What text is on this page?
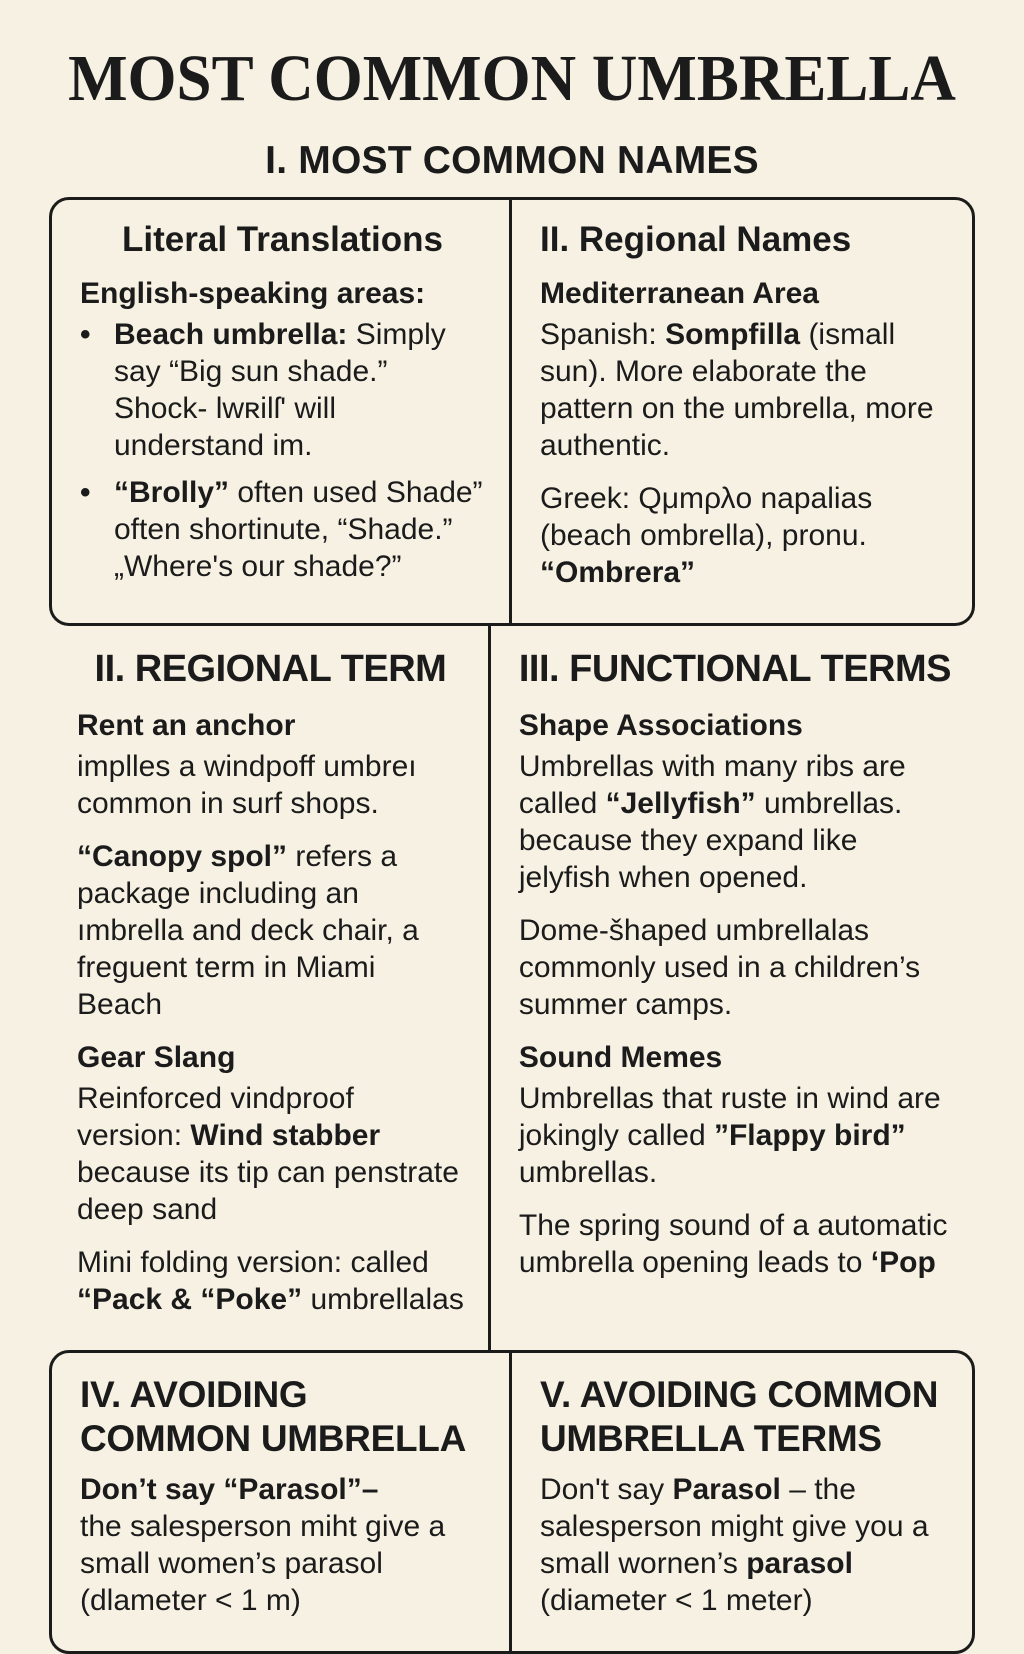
MOST COMMON UMBRELLA
I. MOST COMMON NAMES
Literal Translations
English-speaking areas:
• Beach umbrella: Simply say “Big sun shade.” Shock- lwʀilſ' will understand im.

• “Brolly” often used Shade” often shortinute, “Shade.” „Where's our shade?”

II. Regional Names

Mediterranean Area

Spanish: Sompfilla (ismall sun). More elaborate the pattern on the umbrella, more authentic.

Greek: Qμmρλo napalias (beach ombrella), pronu. “Ombrera”

II. REGIONAL TERM

Rent an anchor

implles a windpoff umbreı common in surf shops.

“Canopy spol” refers a package including an ımbrella and deck chair, a freguent term in Miami Beach

Gear Slang

Reinforced vindproof version: Wind stabber because its tip can penstrate deep sand

Mini folding version: called “Pack & “Poke” umbrellalas

III. FUNCTIONAL TERMS

Shape Associations

Umbrellas with many ribs are called “Jellyfish” umbrellas. because they expand like jelyfish when opened.

Dome-šhaped umbrellalas commonly used in a children’s summer camps.

Sound Memes

Umbrellas that ruste in wind are jokingly called ”Flappy bird” umbrellas.

The spring sound of a automatic umbrella opening leads to ‘Pop

IV. AVOIDING COMMON UMBRELLA

Don’t say “Parasol”–
the salesperson miht give a small women’s parasol (dlameter < 1 m)

V. AVOIDING COMMON UMBRELLA TERMS

Don't say Parasol – the salesperson might give you a small wornen’s parasol (diameter < 1 meter)
